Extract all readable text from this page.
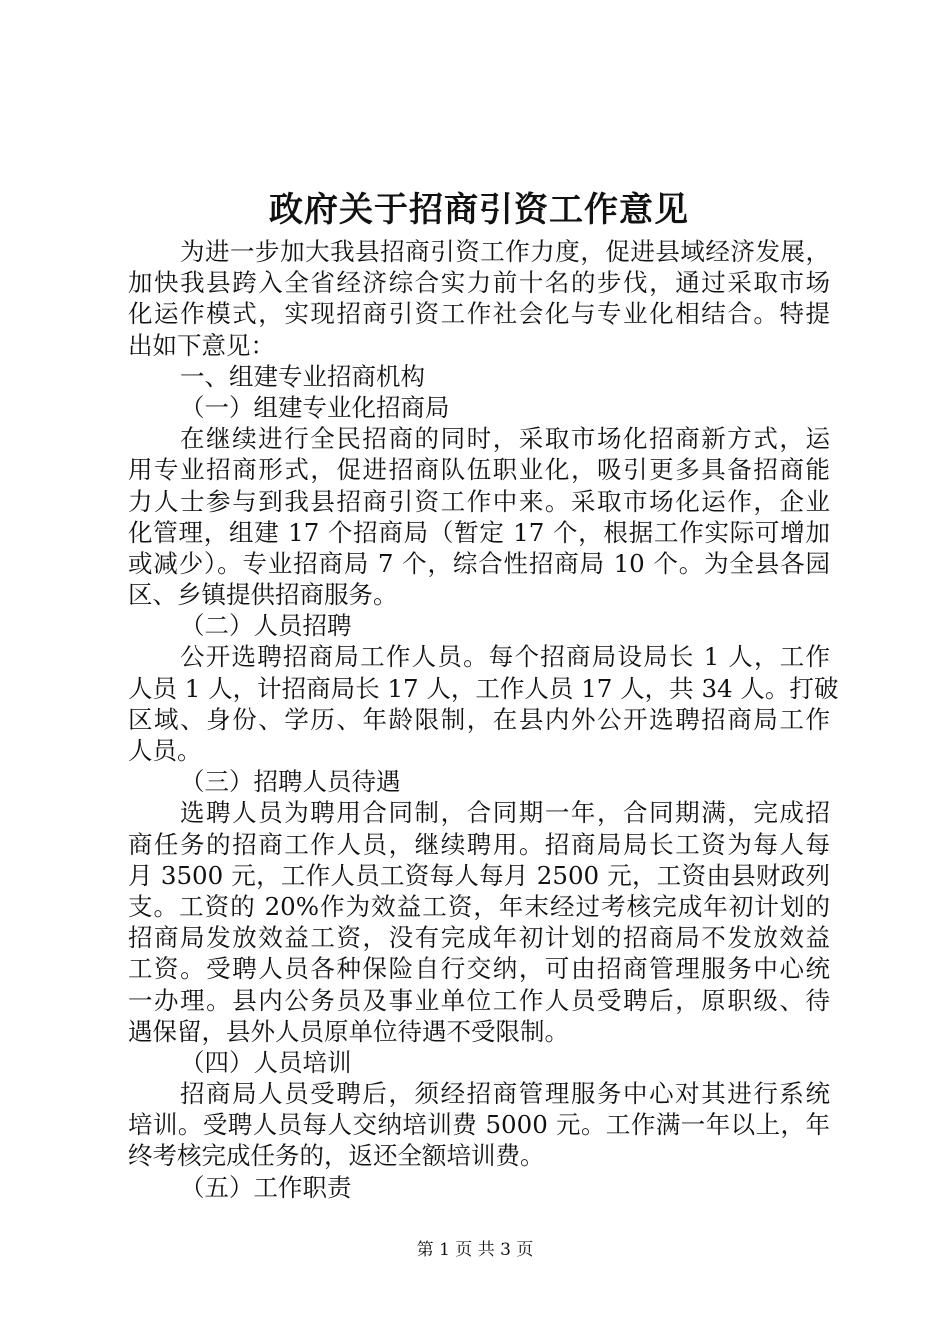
政府关于招商引资工作意见

为进一步加大我县招商引资工作力度，促进县域经济发展，

加快我县跨入全省经济综合实力前十名的步伐，通过采取市场

化运作模式，实现招商引资工作社会化与专业化相结合。特提

出如下意见：

一、组建专业招商机构

（一）组建专业化招商局

在继续进行全民招商的同时，采取市场化招商新方式，运

用专业招商形式，促进招商队伍职业化，吸引更多具备招商能

力人士参与到我县招商引资工作中来。采取市场化运作，企业

化管理，组建 17 个招商局（暂定 17 个，根据工作实际可增加

或减少）。专业招商局 7 个，综合性招商局 10 个。为全县各园

区、乡镇提供招商服务。

（二）人员招聘

公开选聘招商局工作人员。每个招商局设局长 1 人，工作

人员 1 人，计招商局长 17 人，工作人员 17 人，共 34 人。打破

区域、身份、学历、年龄限制，在县内外公开选聘招商局工作

人员。

（三）招聘人员待遇

选聘人员为聘用合同制，合同期一年，合同期满，完成招

商任务的招商工作人员，继续聘用。招商局局长工资为每人每

月 3500 元，工作人员工资每人每月 2500 元，工资由县财政列

支。工资的 20%作为效益工资，年末经过考核完成年初计划的

招商局发放效益工资，没有完成年初计划的招商局不发放效益

工资。受聘人员各种保险自行交纳，可由招商管理服务中心统

一办理。县内公务员及事业单位工作人员受聘后，原职级、待

遇保留，县外人员原单位待遇不受限制。

（四）人员培训

招商局人员受聘后，须经招商管理服务中心对其进行系统

培训。受聘人员每人交纳培训费 5000 元。工作满一年以上，年

终考核完成任务的，返还全额培训费。

（五）工作职责

第 1 页 共 3 页
